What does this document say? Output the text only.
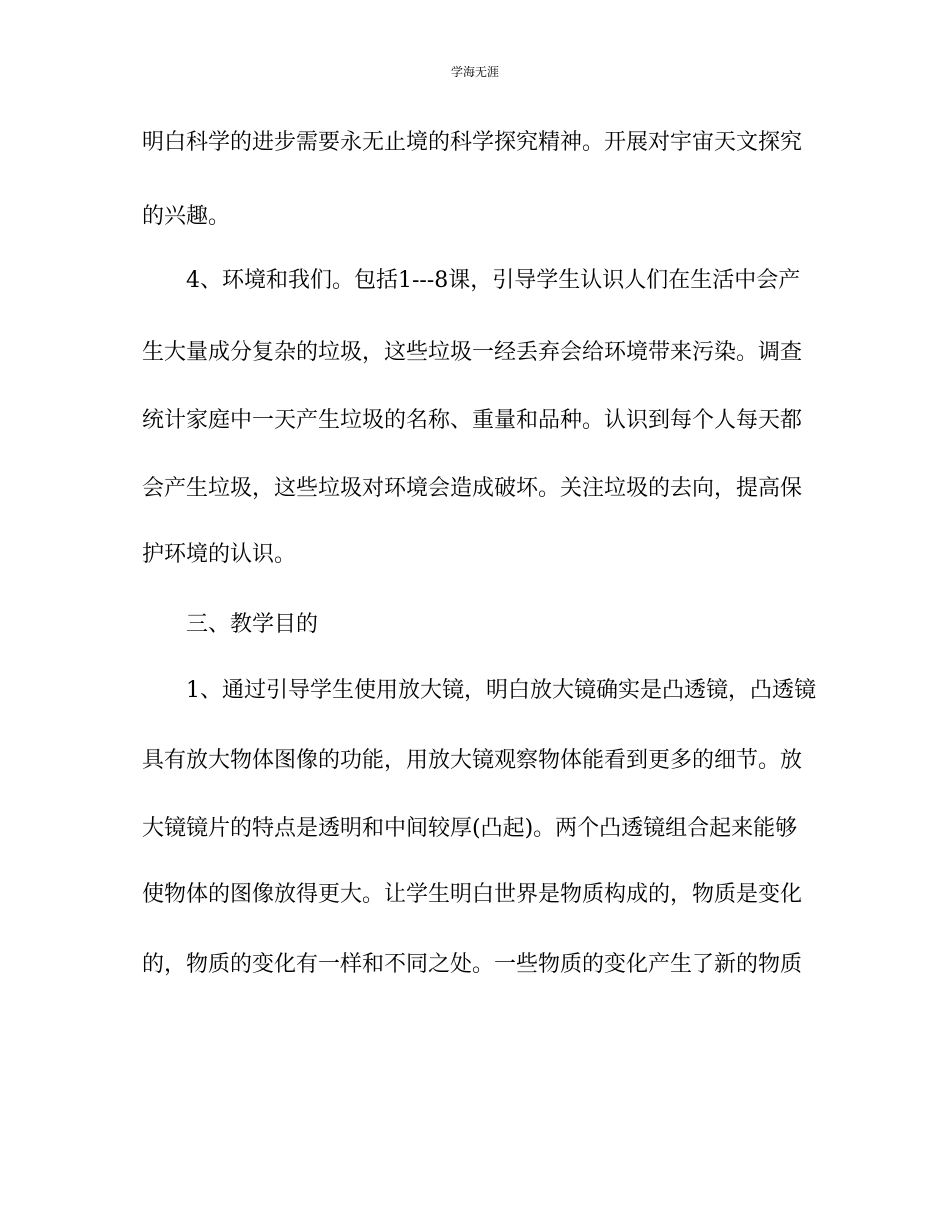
学海无涯
明白科学的进步需要永无止境的科学探究精神。开展对宇宙天文探究
的兴趣。
4、环境和我们。包括1---8课，引导学生认识人们在生活中会产
生大量成分复杂的垃圾，这些垃圾一经丢弃会给环境带来污染。调查
统计家庭中一天产生垃圾的名称、重量和品种。认识到每个人每天都
会产生垃圾，这些垃圾对环境会造成破坏。关注垃圾的去向，提高保
护环境的认识。
三、教学目的
1、通过引导学生使用放大镜，明白放大镜确实是凸透镜，凸透镜
具有放大物体图像的功能，用放大镜观察物体能看到更多的细节。放
大镜镜片的特点是透明和中间较厚(凸起)。两个凸透镜组合起来能够
使物体的图像放得更大。让学生明白世界是物质构成的，物质是变化
的，物质的变化有一样和不同之处。一些物质的变化产生了新的物质
